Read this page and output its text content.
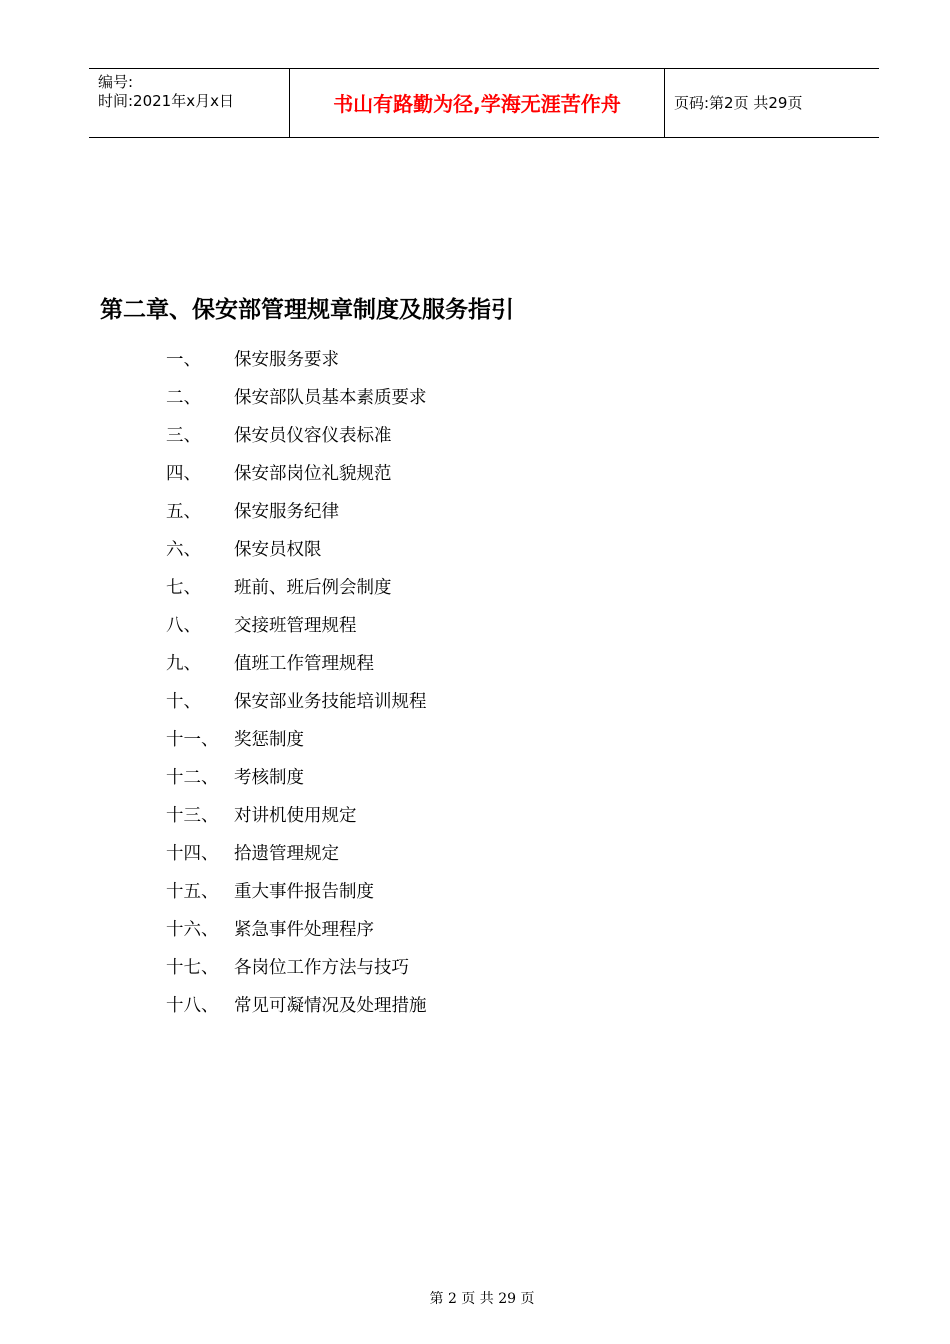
编号:
时间:2021年x月x日	书山有路勤为径,学海无涯苦作舟	页码:第2页 共29页
第二章、保安部管理规章制度及服务指引
一、 保安服务要求
二、 保安部队员基本素质要求
三、 保安员仪容仪表标准
四、 保安部岗位礼貌规范
五、 保安服务纪律
六、 保安员权限
七、 班前、班后例会制度
八、 交接班管理规程
九、 值班工作管理规程
十、 保安部业务技能培训规程
十一、 奖惩制度
十二、 考核制度
十三、 对讲机使用规定
十四、 拾遗管理规定
十五、 重大事件报告制度
十六、 紧急事件处理程序
十七、 各岗位工作方法与技巧
十八、 常见可凝情况及处理措施
第 2 页 共 29 页
